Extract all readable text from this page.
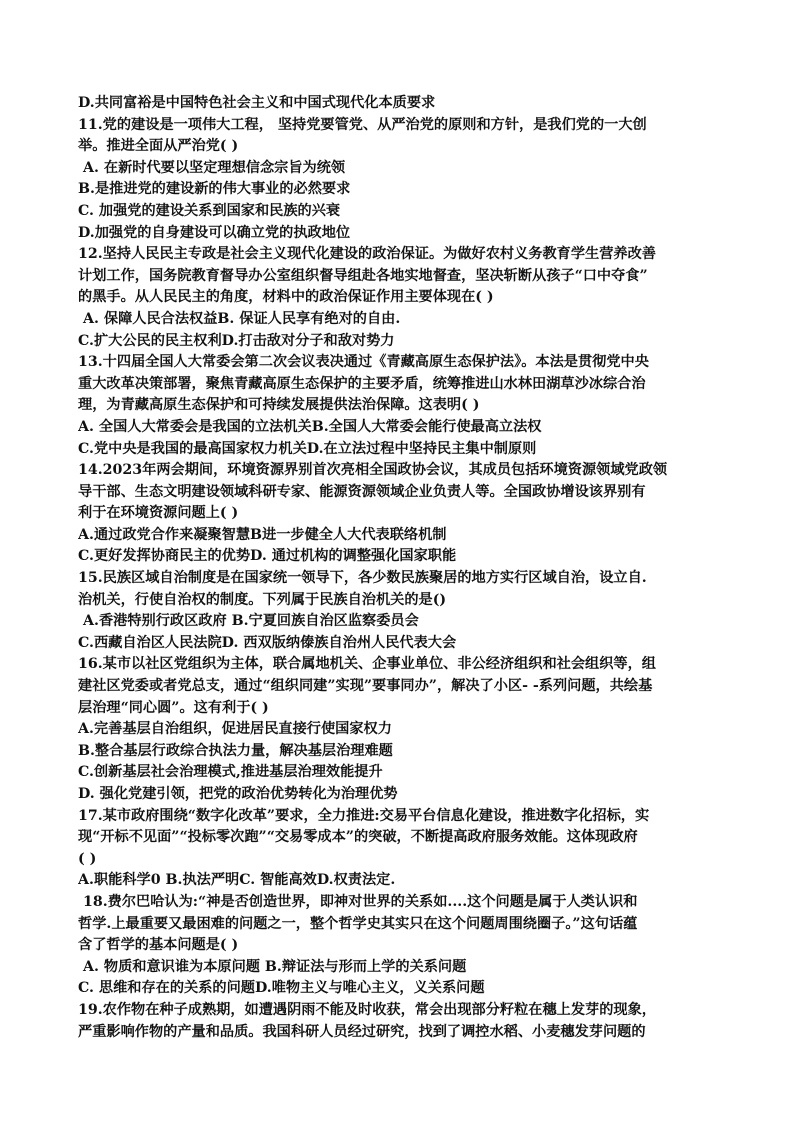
D.共同富裕是中国特色社会主义和中国式现代化本质要求
11.党的建设是一项伟大工程， 坚持党要管党、从严治党的原则和方针，是我们党的一大创
举。推进全面从严治党( )
A. 在新时代要以坚定理想信念宗旨为统领
B.是推进党的建设新的伟大事业的必然要求
C. 加强党的建设关系到国家和民族的兴衰
D.加强党的自身建设可以确立党的执政地位
12.坚持人民民主专政是社会主义现代化建设的政治保证。为做好农村义务教育学生营养改善
计划工作，国务院教育督导办公室组织督导组赴各地实地督查，坚决斩断从孩子“口中夺食”
的黑手。从人民民主的角度，材料中的政治保证作用主要体现在( )
A. 保障人民合法权益B. 保证人民享有绝对的自由.
C.扩大公民的民主权利D.打击敌对分子和敌对势力
13.十四届全国人大常委会第二次会议表决通过《青藏高原生态保护法》。本法是贯彻党中央
重大改革决策部署，聚焦青藏高原生态保护的主要矛盾，统筹推进山水林田湖草沙冰综合治
理，为青藏高原生态保护和可持续发展提供法治保障。这表明( )
A. 全国人大常委会是我国的立法机关B.全国人大常委会能行使最高立法权
C.党中央是我国的最高国家权力机关D.在立法过程中坚持民主集中制原则
14.2023年两会期间，环境资源界别首次亮相全国政协会议，其成员包括环境资源领域党政领
导干部、生态文明建设领域科研专家、能源资源领域企业负责人等。全国政协增设该界别有
利于在环境资源问题上( )
A.通过政党合作来凝聚智慧B进一步健全人大代表联络机制
C.更好发挥协商民主的优势D. 通过机构的调整强化国家职能
15.民族区域自治制度是在国家统一领导下，各少数民族聚居的地方实行区域自治，设立自.
治机关，行使自治权的制度。下列属于民族自治机关的是()
A.香港特别行政区政府 B.宁夏回族自治区监察委员会
C.西藏自治区人民法院D. 西双版纳傣族自治州人民代表大会
16.某市以社区党组织为主体，联合属地机关、企事业单位、非公经济组织和社会组织等，组
建社区党委或者党总支，通过“组织同建”实现”要事同办”，解决了小区- -系列问题，共绘基
层治理“同心圆”。这有利于( )
A.完善基层自治组织，促进居民直接行使国家权力
B.整合基层行政综合执法力量，解决基层治理难题
C.创新基层社会治理模式,推进基层治理效能提升
D. 强化党建引领，把党的政治优势转化为治理优势
17.某市政府围绕“数字化改革”要求，全力推进:交易平台信息化建设，推进数字化招标，实
现“开标不见面”“投标零次跑”“交易零成本”的突破，不断提高政府服务效能。这体现政府
( )
A.职能科学0 B.执法严明C. 智能高效D.权责法定.
18.费尔巴哈认为:“神是否创造世界，即神对世界的关系如....这个问题是属于人类认识和
哲学.上最重要又最困难的问题之一，整个哲学史其实只在这个问题周围绕圈子。”这句话蕴
含了哲学的基本问题是( )
A. 物质和意识谁为本原问题 B.辩证法与形而上学的关系问题
C. 思维和存在的关系的问题D.唯物主义与唯心主义，义关系问题
19.农作物在种子成熟期，如遭遇阴雨不能及时收获，常会出现部分籽粒在穗上发芽的现象，
严重影响作物的产量和品质。我国科研人员经过研究，找到了调控水稻、小麦穗发芽问题的
